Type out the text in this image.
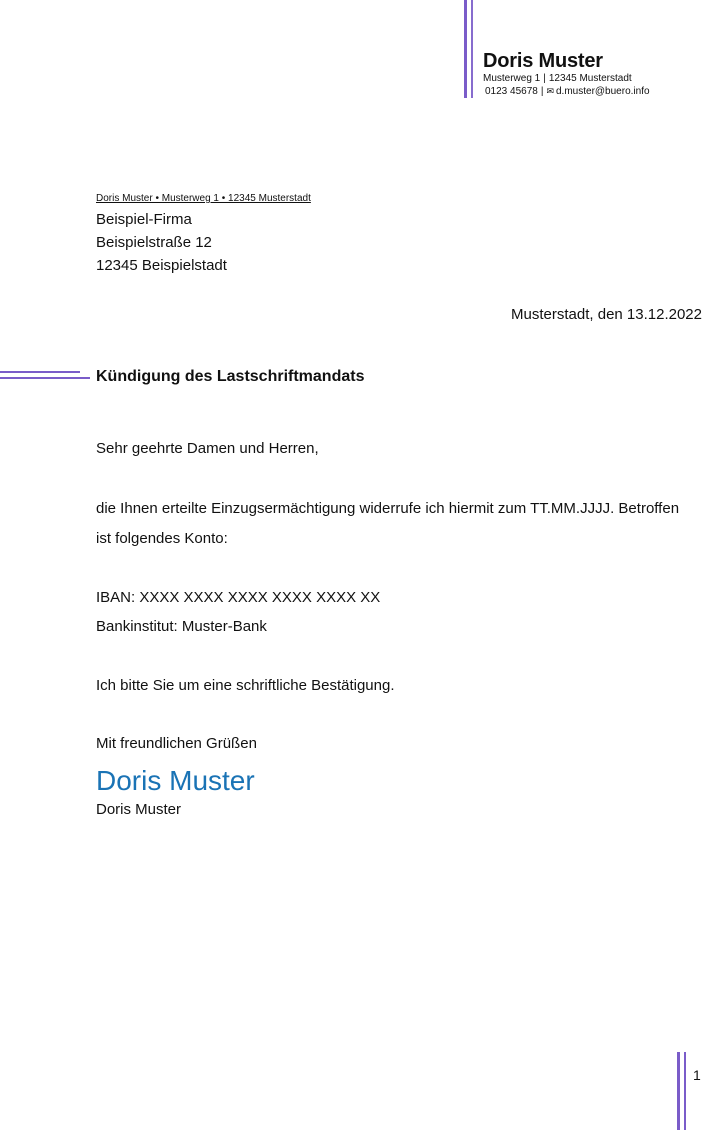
Doris Muster
Musterweg 1 | 12345 Musterstadt
0123 45678 | ✉ d.muster@buero.info
Doris Muster • Musterweg 1 • 12345 Musterstadt
Beispiel-Firma
Beispielstraße 12
12345 Beispielstadt
Musterstadt, den 13.12.2022
Kündigung des Lastschriftmandats
Sehr geehrte Damen und Herren,
die Ihnen erteilte Einzugsermächtigung widerrufe ich hiermit zum TT.MM.JJJJ. Betroffen ist folgendes Konto:
IBAN: XXXX XXXX XXXX XXXX XXXX XX
Bankinstitut: Muster-Bank
Ich bitte Sie um eine schriftliche Bestätigung.
Mit freundlichen Grüßen
Doris Muster
Doris Muster
1
